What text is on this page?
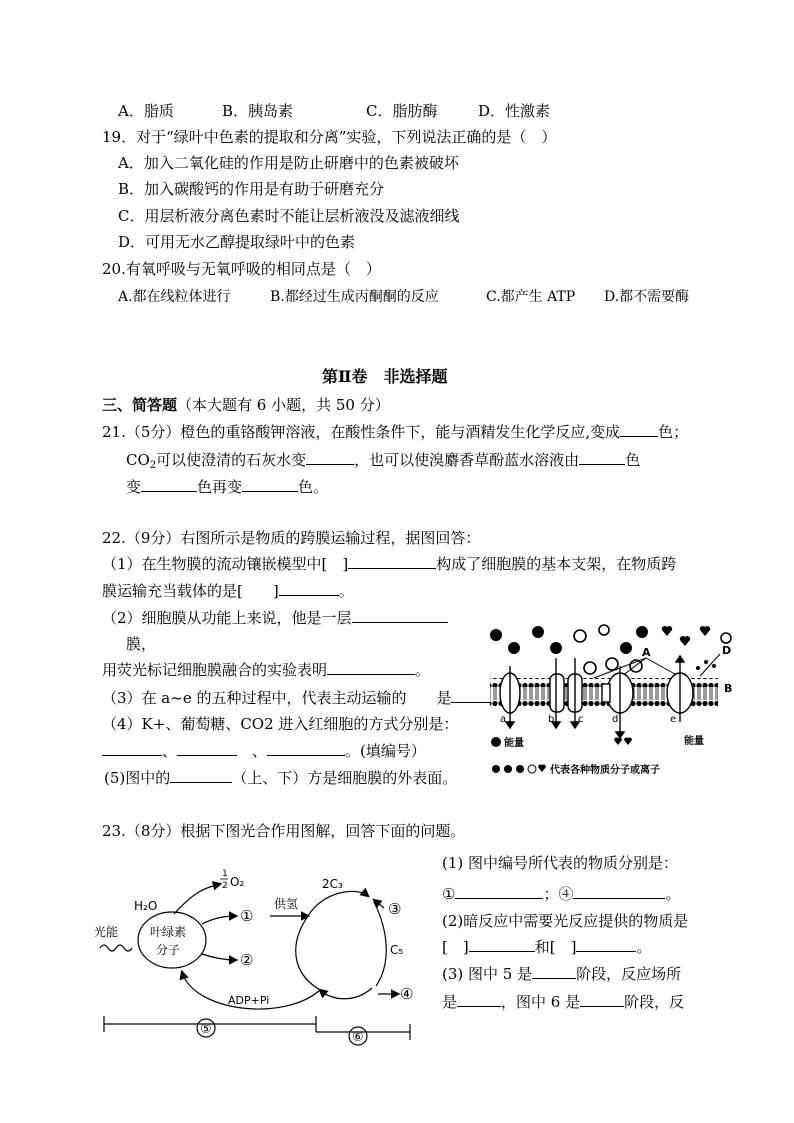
A．脂质	B．胰岛素	C．脂肪酶	D．性激素
19．对于“绿叶中色素的提取和分离”实验，下列说法正确的是（　）
A．加入二氧化硅的作用是防止研磨中的色素被破坏
B．加入碳酸钙的作用是有助于研磨充分
C．用层析液分离色素时不能让层析液没及滤液细线
D．可用无水乙醇提取绿叶中的色素
20.有氧呼吸与无氧呼吸的相同点是（　）
A.都在线粒体进行	B.都经过生成丙酮酮的反应	C.都产生 ATP D.都不需要酶
第Ⅱ卷　非选择题
三、简答题（本大题有 6 小题，共 50 分）
21.（5分）橙色的重铬酸钾溶液，在酸性条件下，能与酒精发生化学反应,变成	色；
$CO_2$可以使澄清的石灰水变	，也可以使溴麝香草酚蓝水溶液由	色
变	色再变	色。
22.（9分）右图所示是物质的跨膜运输过程，据图回答：
（1）在生物膜的流动镶嵌模型中[　]	构成了细胞膜的基本支架，在物质跨
膜运输充当载体的是[　　]	。
（2）细胞膜从功能上来说，他是一层
膜，
用荧光标记细胞膜融合的实验表明	。
（3）在 a~e 的五种过程中，代表主动运输的　　是
（4）K+、葡萄糖、CO2 进入红细胞的方式分别是：
、　	、	。(填编号）
(5)图中的	（上、下）方是细胞膜的外表面。
A	D
B
a	b c	d	e
能量	能量
代表各种物质分子或离子
23.（8分）根据下图光合作用图解，回答下面的问题。
(1) 图中编号所代表的物质分别是：
①	；④	。
(2)暗反应中需要光反应提供的物质是
[　]	和[　]	。
(3) 图中 5 是	阶段，反应场所
是	，图中 6 是	阶段，反
H₂O
1
2 O₂
叶绿素
分子
光能
①
②
供氢
2C₃
③
C₅
④
ADP+Pi
⑤
⑥
